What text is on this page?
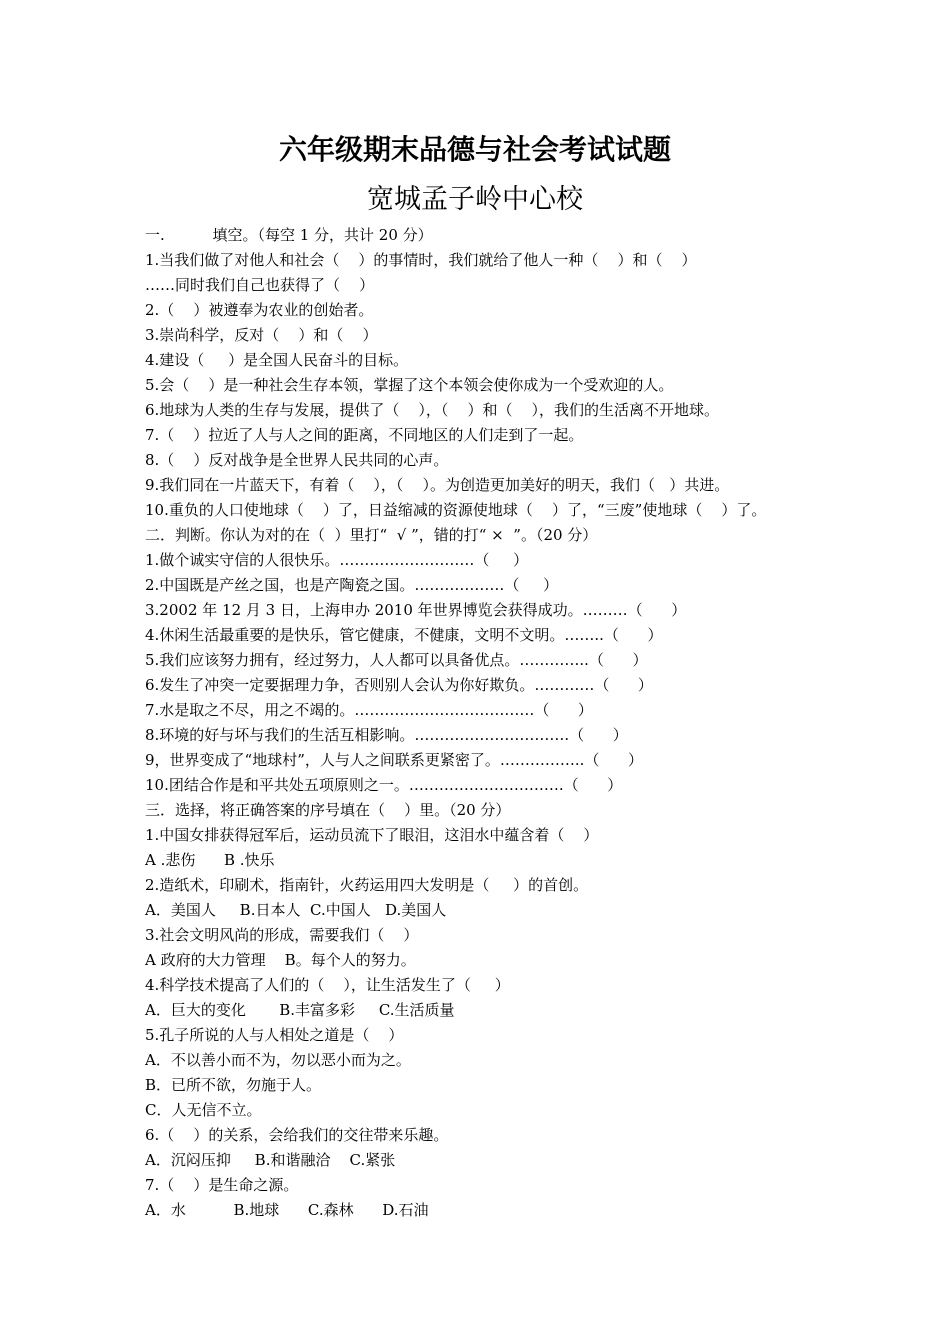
六年级期末品德与社会考试试题
宽城孟子岭中心校
一.          填空。（每空 1 分，共计 20 分）
1.当我们做了对他人和社会（    ）的事情时，我们就给了他人一种（    ）和（    ）
……同时我们自己也获得了（    ）
2.（    ）被遵奉为农业的创始者。
3.崇尚科学，反对（    ）和（    ）
4.建设（     ）是全国人民奋斗的目标。
5.会（    ）是一种社会生存本领，掌握了这个本领会使你成为一个受欢迎的人。
6.地球为人类的生存与发展，提供了（    ），（    ）和（    ），我们的生活离不开地球。
7.（    ）拉近了人与人之间的距离，不同地区的人们走到了一起。
8.（    ）反对战争是全世界人民共同的心声。
9.我们同在一片蓝天下，有着（    ），（    ）。为创造更加美好的明天，我们（   ）共进。
10.重负的人口使地球（    ）了，日益缩减的资源使地球（    ）了，“三废”使地球（    ）了。
二．判断。你认为对的在（  ）里打“  √ ”，错的打“ ×  ”。（20 分）
1.做个诚实守信的人很快乐。………………………（     ）
2.中国既是产丝之国，也是产陶瓷之国。………………（     ）
3.2002 年 12 月 3 日，上海申办 2010 年世界博览会获得成功。………（      ）
4.休闲生活最重要的是快乐，管它健康，不健康，文明不文明。……..（      ）
5.我们应该努力拥有，经过努力，人人都可以具备优点。…………..（      ）
6.发生了冲突一定要据理力争，否则别人会认为你好欺负。…………（      ）
7.水是取之不尽，用之不竭的。………………………………（      ）
8.环境的好与坏与我们的生活互相影响。………………………….（      ）
9，世界变成了“地球村”，人与人之间联系更紧密了。……………..（      ）
10.团结合作是和平共处五项原则之一。………………………….（      ）
三．选择，将正确答案的序号填在（    ）里。（20 分）
1.中国女排获得冠军后，运动员流下了眼泪，这泪水中蕴含着（    ）
A .悲伤      B .快乐
2.造纸术，印刷术，指南针，火药运用四大发明是（     ）的首创。
A．美国人     B.日本人  C.中国人   D.美国人
3.社会文明风尚的形成，需要我们（    ）
A 政府的大力管理    B。每个人的努力。
4.科学技术提高了人们的（    ），让生活发生了（     ）
A．巨大的变化       B.丰富多彩     C.生活质量
5.孔子所说的人与人相处之道是（    ）
A．不以善小而不为，勿以恶小而为之。
B．已所不欲，勿施于人。
C．人无信不立。
6.（    ）的关系，会给我们的交往带来乐趣。
A．沉闷压抑     B.和谐融洽    C.紧张
7.（    ）是生命之源。
A．水          B.地球      C.森林      D.石油
